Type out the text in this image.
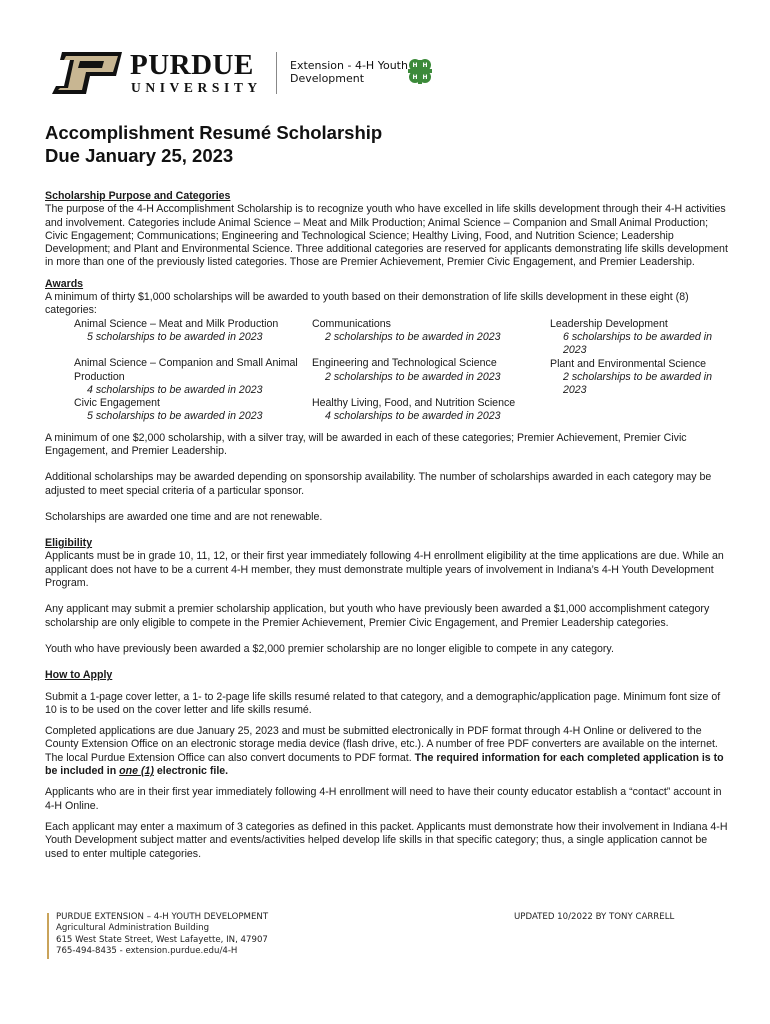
PURDUE
UNIVERSITY
Extension - 4-H Youth
Development
H H
H H
Accomplishment Resumé Scholarship
Due January 25, 2023

Scholarship Purpose and Categories

The purpose of the 4-H Accomplishment Scholarship is to recognize youth who have excelled in life skills development through their 4-H activities and involvement. Categories include Animal Science – Meat and Milk Production; Animal Science – Companion and Small Animal Production; Civic Engagement; Communications; Engineering and Technological Science; Healthy Living, Food, and Nutrition Science; Leadership Development; and Plant and Environmental Science. Three additional categories are reserved for applicants demonstrating life skills development in more than one of the previously listed categories. Those are Premier Achievement, Premier Civic Engagement, and Premier Leadership.

Awards

A minimum of thirty $1,000 scholarships will be awarded to youth based on their demonstration of life skills development in these eight (8) categories:

Animal Science – Meat and Milk Production
5 scholarships to be awarded in 2023
Animal Science – Companion and Small Animal Production
4 scholarships to be awarded in 2023
Civic Engagement
5 scholarships to be awarded in 2023
Communications
2 scholarships to be awarded in 2023
Engineering and Technological Science
2 scholarships to be awarded in 2023
Healthy Living, Food, and Nutrition Science
4 scholarships to be awarded in 2023
Leadership Development
6 scholarships to be awarded in 2023
Plant and Environmental Science
2 scholarships to be awarded in 2023

A minimum of one $2,000 scholarship, with a silver tray, will be awarded in each of these categories; Premier Achievement, Premier Civic Engagement, and Premier Leadership.

Additional scholarships may be awarded depending on sponsorship availability. The number of scholarships awarded in each category may be adjusted to meet special criteria of a particular sponsor.

Scholarships are awarded one time and are not renewable.

Eligibility

Applicants must be in grade 10, 11, 12, or their first year immediately following 4-H enrollment eligibility at the time applications are due. While an applicant does not have to be a current 4-H member, they must demonstrate multiple years of involvement in Indiana’s 4-H Youth Development Program.

Any applicant may submit a premier scholarship application, but youth who have previously been awarded a $1,000 accomplishment category scholarship are only eligible to compete in the Premier Achievement, Premier Civic Engagement, and Premier Leadership categories.

Youth who have previously been awarded a $2,000 premier scholarship are no longer eligible to compete in any category.

How to Apply

Submit a 1-page cover letter, a 1- to 2-page life skills resumé related to that category, and a demographic/application page. Minimum font size of 10 is to be used on the cover letter and life skills resumé.

Completed applications are due January 25, 2023 and must be submitted electronically in PDF format through 4-H Online or delivered to the County Extension Office on an electronic storage media device (flash drive, etc.). A number of free PDF converters are available on the internet. The local Purdue Extension Office can also convert documents to PDF format. The required information for each completed application is to be included in one (1) electronic file.

Applicants who are in their first year immediately following 4-H enrollment will need to have their county educator establish a “contact” account in 4-H Online.

Each applicant may enter a maximum of 3 categories as defined in this packet. Applicants must demonstrate how their involvement in Indiana 4-H Youth Development subject matter and events/activities helped develop life skills in that specific category; thus, a single application cannot be used to enter multiple categories.

PURDUE EXTENSION – 4-H YOUTH DEVELOPMENT
Agricultural Administration Building
615 West State Street, West Lafayette, IN, 47907
765-494-8435 - extension.purdue.edu/4-H
UPDATED 10/2022 BY TONY CARRELL
